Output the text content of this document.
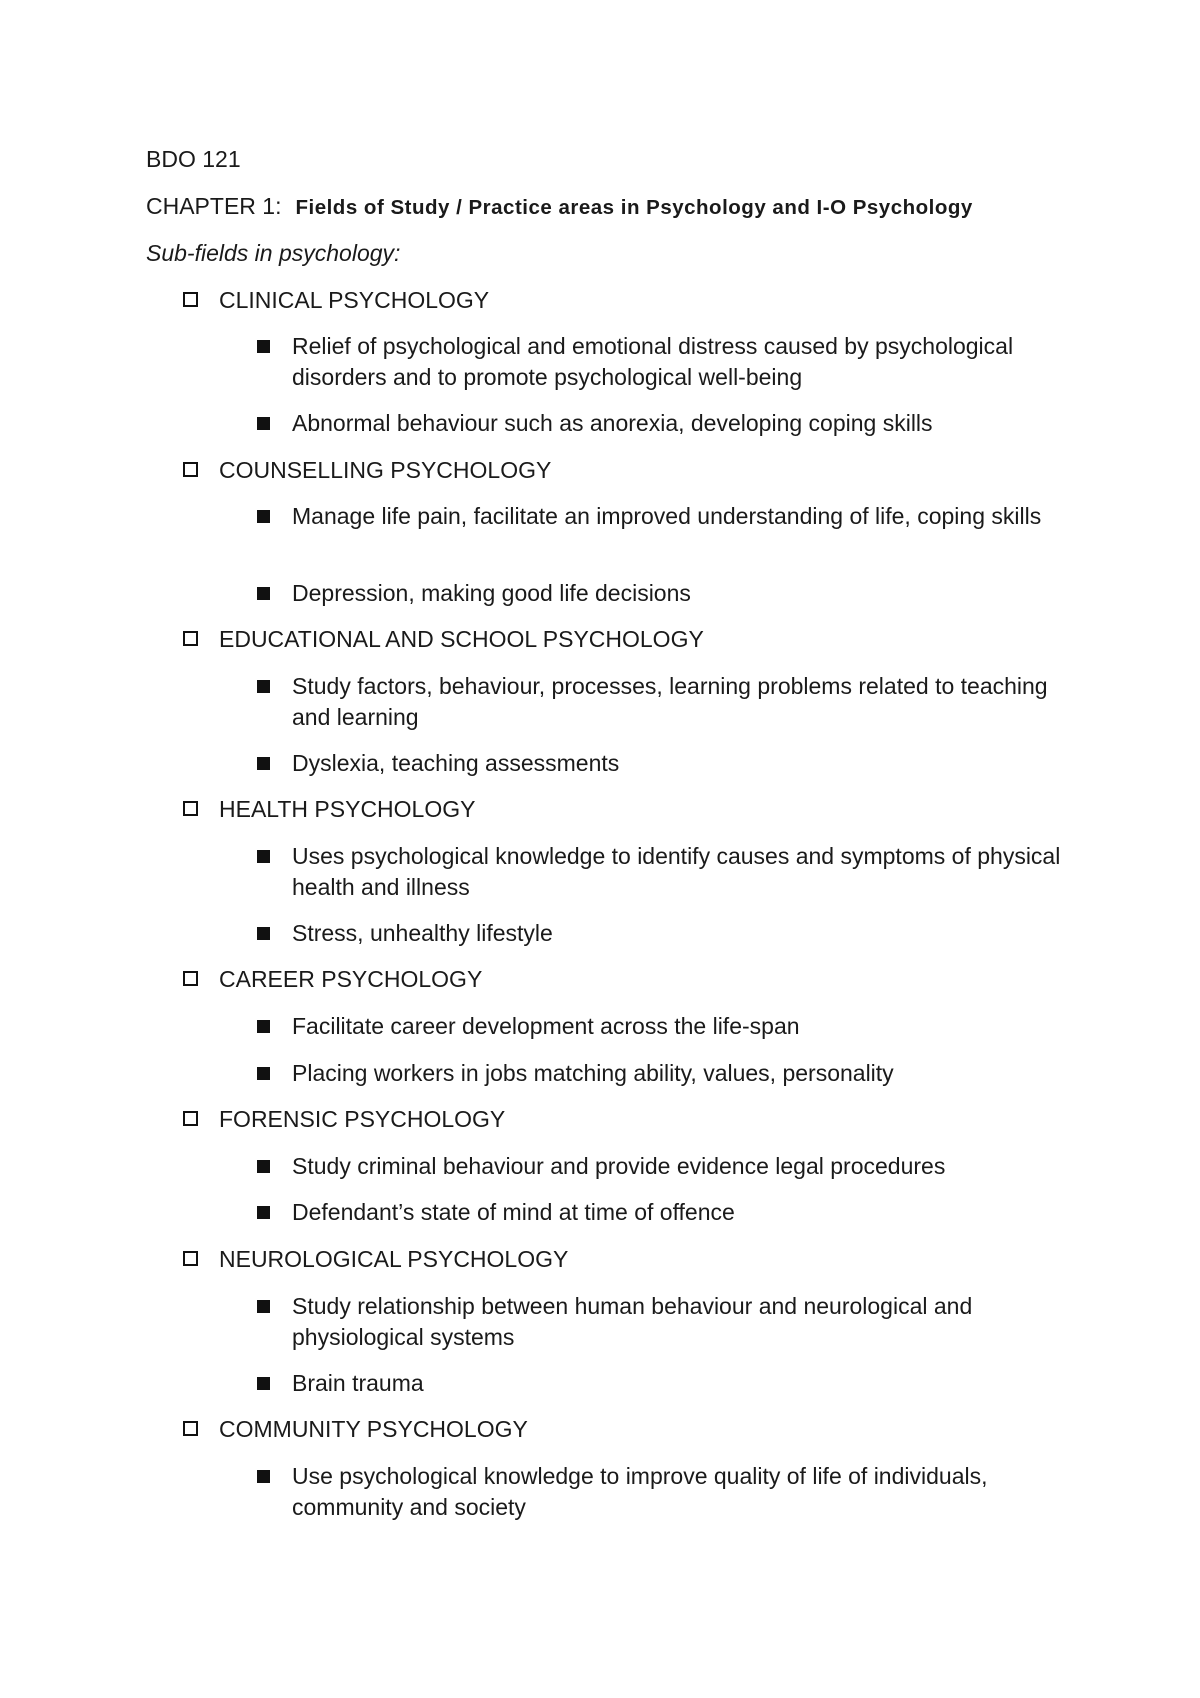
BDO 121
CHAPTER 1: Fields of Study / Practice areas in Psychology and I-O Psychology
Sub-fields in psychology:
CLINICAL PSYCHOLOGY
Relief of psychological and emotional distress caused by psychological disorders and to promote psychological well-being
Abnormal behaviour such as anorexia, developing coping skills
COUNSELLING PSYCHOLOGY
Manage life pain, facilitate an improved understanding of life, coping skills
Depression, making good life decisions
EDUCATIONAL AND SCHOOL PSYCHOLOGY
Study factors, behaviour, processes, learning problems related to teaching and learning
Dyslexia, teaching assessments
HEALTH PSYCHOLOGY
Uses psychological knowledge to identify causes and symptoms of physical health and illness
Stress, unhealthy lifestyle
CAREER PSYCHOLOGY
Facilitate career development across the life-span
Placing workers in jobs matching ability, values, personality
FORENSIC PSYCHOLOGY
Study criminal behaviour and provide evidence legal procedures
Defendant’s state of mind at time of offence
NEUROLOGICAL PSYCHOLOGY
Study relationship between human behaviour and neurological and physiological systems
Brain trauma
COMMUNITY PSYCHOLOGY
Use psychological knowledge to improve quality of life of individuals, community and society
